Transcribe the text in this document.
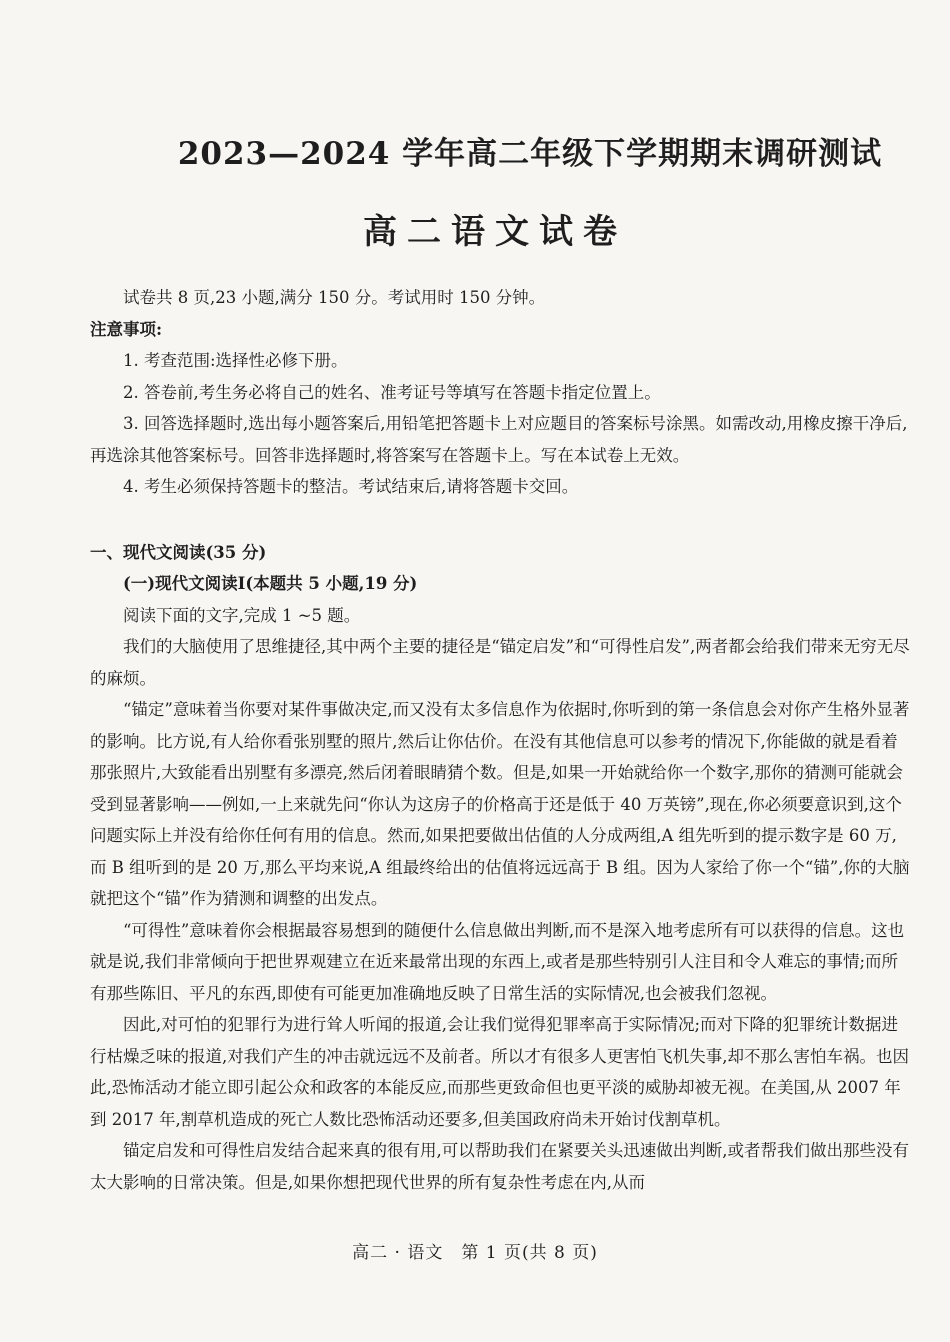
2023—2024 学年高二年级下学期期末调研测试
高二语文试卷

试卷共 8 页,23 小题,满分 150 分。考试用时 150 分钟。

注意事项:

1. 考查范围:选择性必修下册。

2. 答卷前,考生务必将自己的姓名、准考证号等填写在答题卡指定位置上。

3. 回答选择题时,选出每小题答案后,用铅笔把答题卡上对应题目的答案标号涂黑。如需改动,用橡皮擦干净后,再选涂其他答案标号。回答非选择题时,将答案写在答题卡上。写在本试卷上无效。

4. 考生必须保持答题卡的整洁。考试结束后,请将答题卡交回。

一、现代文阅读(35 分)

(一)现代文阅读Ⅰ(本题共 5 小题,19 分)

阅读下面的文字,完成 1 ~5 题。

我们的大脑使用了思维捷径,其中两个主要的捷径是“锚定启发”和“可得性启发”,两者都会给我们带来无穷无尽的麻烦。

“锚定”意味着当你要对某件事做决定,而又没有太多信息作为依据时,你听到的第一条信息会对你产生格外显著的影响。比方说,有人给你看张别墅的照片,然后让你估价。在没有其他信息可以参考的情况下,你能做的就是看着那张照片,大致能看出别墅有多漂亮,然后闭着眼睛猜个数。但是,如果一开始就给你一个数字,那你的猜测可能就会受到显著影响——例如,一上来就先问“你认为这房子的价格高于还是低于 40 万英镑”,现在,你必须要意识到,这个问题实际上并没有给你任何有用的信息。然而,如果把要做出估值的人分成两组,A 组先听到的提示数字是 60 万,而 B 组听到的是 20 万,那么平均来说,A 组最终给出的估值将远远高于 B 组。因为人家给了你一个“锚”,你的大脑就把这个“锚”作为猜测和调整的出发点。

“可得性”意味着你会根据最容易想到的随便什么信息做出判断,而不是深入地考虑所有可以获得的信息。这也就是说,我们非常倾向于把世界观建立在近来最常出现的东西上,或者是那些特别引人注目和令人难忘的事情;而所有那些陈旧、平凡的东西,即使有可能更加准确地反映了日常生活的实际情况,也会被我们忽视。

因此,对可怕的犯罪行为进行耸人听闻的报道,会让我们觉得犯罪率高于实际情况;而对下降的犯罪统计数据进行枯燥乏味的报道,对我们产生的冲击就远远不及前者。所以才有很多人更害怕飞机失事,却不那么害怕车祸。也因此,恐怖活动才能立即引起公众和政客的本能反应,而那些更致命但也更平淡的威胁却被无视。在美国,从 2007 年到 2017 年,割草机造成的死亡人数比恐怖活动还要多,但美国政府尚未开始讨伐割草机。

锚定启发和可得性启发结合起来真的很有用,可以帮助我们在紧要关头迅速做出判断,或者帮我们做出那些没有太大影响的日常决策。但是,如果你想把现代世界的所有复杂性考虑在内,从而

高二 · 语文　第 1 页(共 8 页)
